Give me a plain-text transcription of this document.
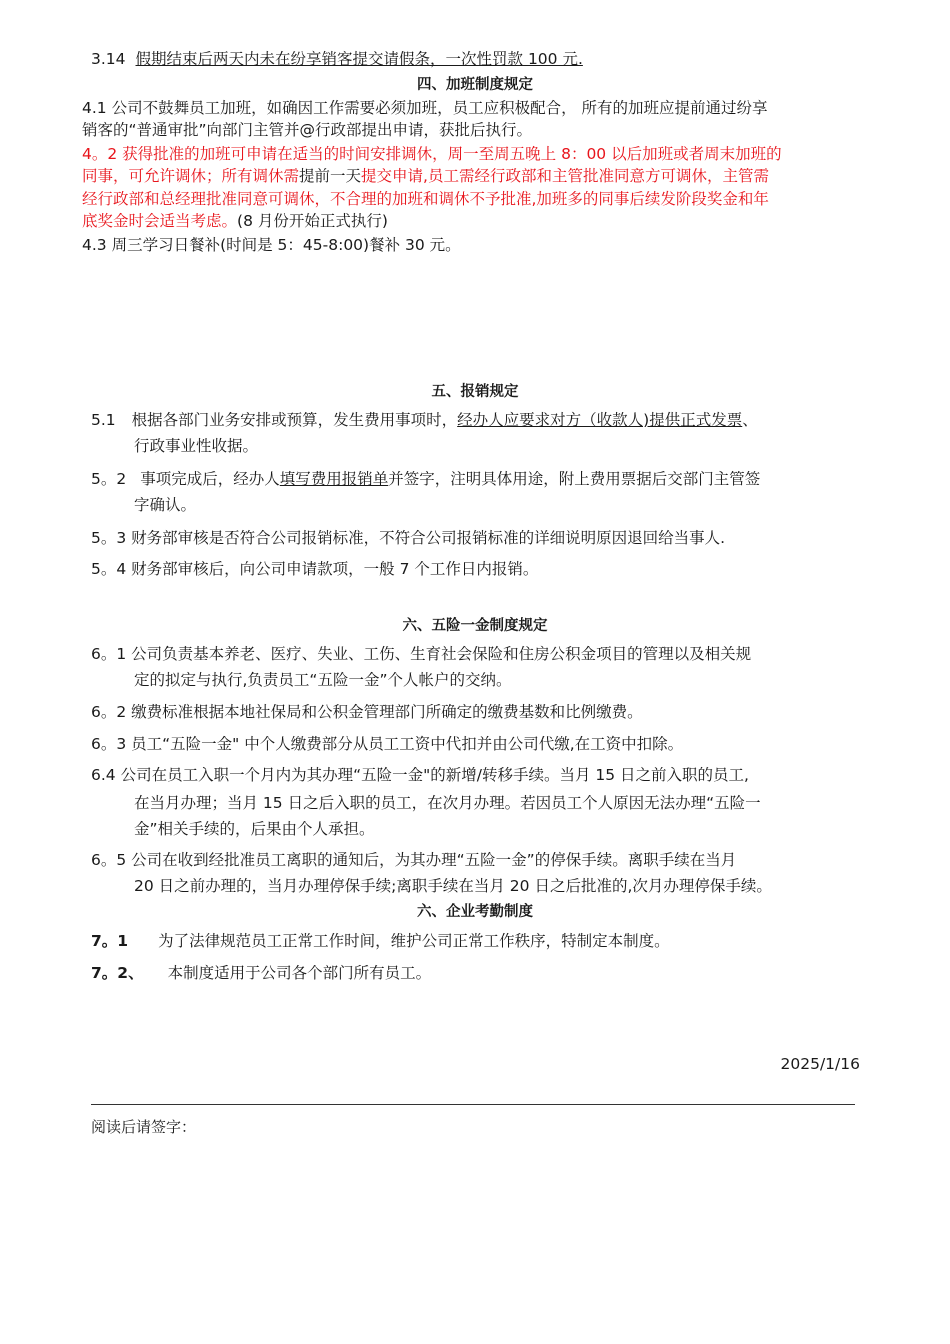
3.14 假期结束后两天内未在纷享销客提交请假条，一次性罚款 100 元.
四、加班制度规定
4.1 公司不鼓舞员工加班，如确因工作需要必须加班，员工应积极配合， 所有的加班应提前通过纷享
销客的“普通审批”向部门主管并@行政部提出申请，获批后执行。
4。2 获得批准的加班可申请在适当的时间安排调休，周一至周五晚上 8：00 以后加班或者周末加班的
同事，可允许调休；所有调休需提前一天提交申请,员工需经行政部和主管批准同意方可调休，主管需
经行政部和总经理批准同意可调休，不合理的加班和调休不予批准,加班多的同事后续发阶段奖金和年
底奖金时会适当考虑。(8 月份开始正式执行)
4.3 周三学习日餐补(时间是 5：45-8:00)餐补 30 元。
五、报销规定
5.1 根据各部门业务安排或预算，发生费用事项时，经办人应要求对方（收款人)提供正式发票、
行政事业性收据。
5。2 事项完成后，经办人填写费用报销单并签字，注明具体用途，附上费用票据后交部门主管签
字确认。
5。3 财务部审核是否符合公司报销标准，不符合公司报销标准的详细说明原因退回给当事人.
5。4 财务部审核后，向公司申请款项，一般 7 个工作日内报销。
六、五险一金制度规定
6。1 公司负责基本养老、医疗、失业、工伤、生育社会保险和住房公积金项目的管理以及相关规
定的拟定与执行,负责员工“五险一金”个人帐户的交纳。
6。2 缴费标准根据本地社保局和公积金管理部门所确定的缴费基数和比例缴费。
6。3 员工“五险一金" 中个人缴费部分从员工工资中代扣并由公司代缴,在工资中扣除。
6.4 公司在员工入职一个月内为其办理“五险一金"的新增/转移手续。当月 15 日之前入职的员工,
在当月办理；当月 15 日之后入职的员工，在次月办理。若因员工个人原因无法办理“五险一
金”相关手续的，后果由个人承担。
6。5 公司在收到经批准员工离职的通知后，为其办理“五险一金”的停保手续。离职手续在当月
20 日之前办理的，当月办理停保手续;离职手续在当月 20 日之后批准的,次月办理停保手续。
六、企业考勤制度
7。1 为了法律规范员工正常工作时间，维护公司正常工作秩序，特制定本制度。
7。2、 本制度适用于公司各个部门所有员工。
2025/1/16
阅读后请签字：
